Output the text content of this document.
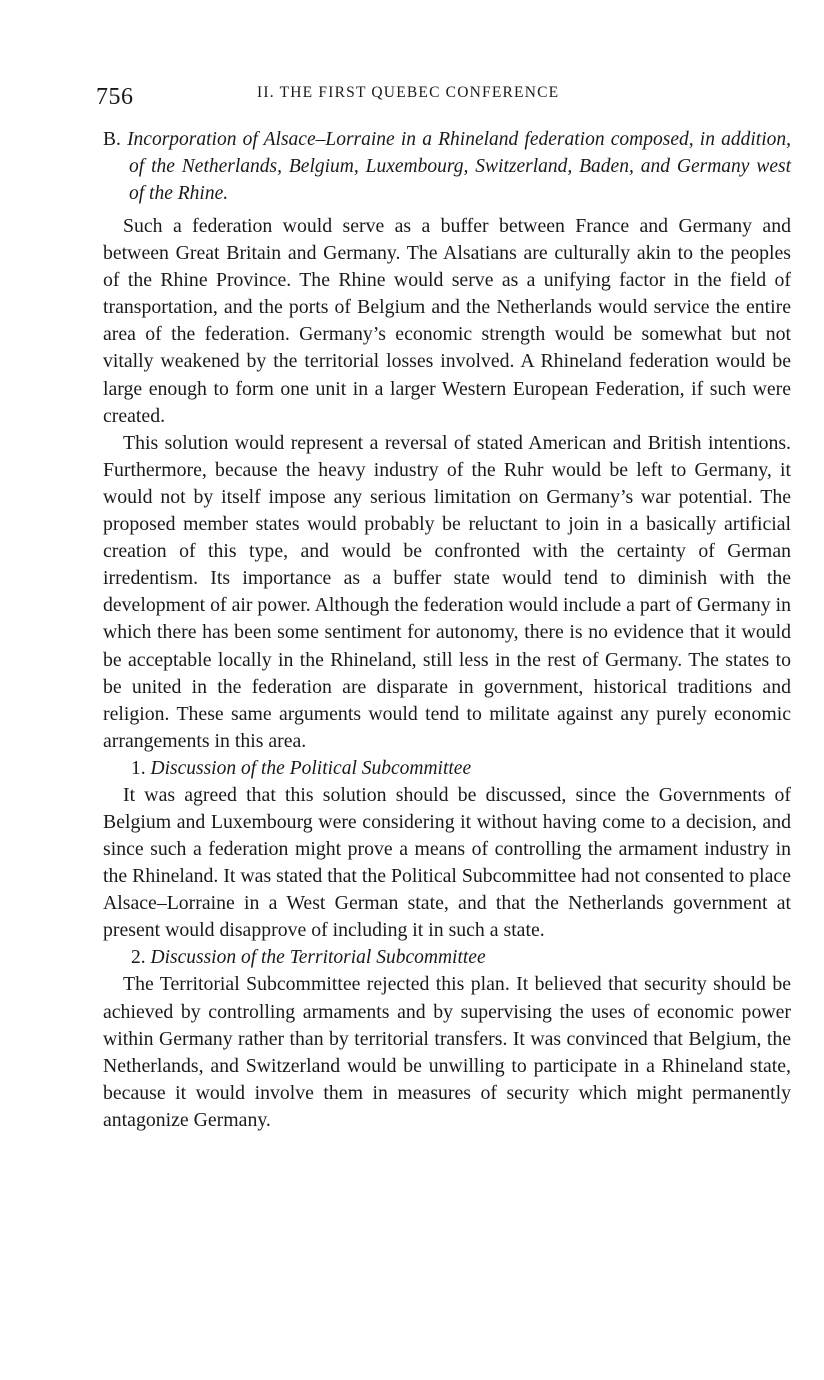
756	II. THE FIRST QUEBEC CONFERENCE
B. Incorporation of Alsace–Lorraine in a Rhineland federation composed, in addition, of the Netherlands, Belgium, Luxembourg, Switzerland, Baden, and Germany west of the Rhine.

Such a federation would serve as a buffer between France and Germany and between Great Britain and Germany. The Alsatians are culturally akin to the peoples of the Rhine Province. The Rhine would serve as a unifying factor in the field of transportation, and the ports of Belgium and the Netherlands would service the entire area of the federation. Germany’s economic strength would be somewhat but not vitally weakened by the territorial losses involved. A Rhineland federation would be large enough to form one unit in a larger Western European Federation, if such were created.

This solution would represent a reversal of stated American and British intentions. Furthermore, because the heavy industry of the Ruhr would be left to Germany, it would not by itself impose any serious limitation on Germany’s war potential. The proposed member states would probably be reluctant to join in a basically artificial creation of this type, and would be confronted with the certainty of German irredentism. Its importance as a buffer state would tend to diminish with the development of air power. Although the federation would include a part of Germany in which there has been some sentiment for autonomy, there is no evidence that it would be acceptable locally in the Rhineland, still less in the rest of Germany. The states to be united in the federation are disparate in government, historical traditions and religion. These same arguments would tend to militate against any purely economic arrangements in this area.

1. Discussion of the Political Subcommittee

It was agreed that this solution should be discussed, since the Governments of Belgium and Luxembourg were considering it without having come to a decision, and since such a federation might prove a means of controlling the armament industry in the Rhineland. It was stated that the Political Subcommittee had not consented to place Alsace–Lorraine in a West German state, and that the Netherlands government at present would disapprove of including it in such a state.

2. Discussion of the Territorial Subcommittee

The Territorial Subcommittee rejected this plan. It believed that security should be achieved by controlling armaments and by supervising the uses of economic power within Germany rather than by territorial transfers. It was convinced that Belgium, the Netherlands, and Switzerland would be unwilling to participate in a Rhineland state, because it would involve them in measures of security which might permanently antagonize Germany.
